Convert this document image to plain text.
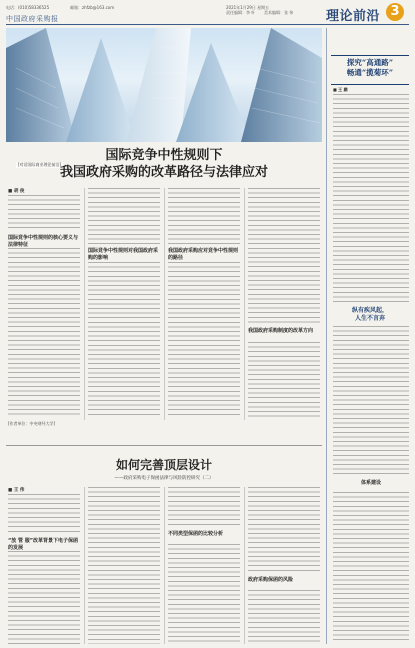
电话：(010)58336525	邮箱：zhfzb@163.com	2021年1月29日 星期五
责任编辑：李 叶 美术编辑：张 伟
中国政府采购报	理论前沿 3
[对话国际商业理论前沿]
国际竞争中性规则下
我国政府采购的改革路径与法律应对
■ 胡 俊
国际竞争中性规则的核心要义与法律特征
国际竞争中性规则对我国政府采购的影响
我国政府采购应对竞争中性规则的路径
我国政府采购制度的改革方向
[作者单位：中央财经大学]
如何完善顶层设计
——政府采购电子保函法律与风险防控研究（二）
■ 王 伟
“放 管 服”改革背景下电子保函的发展
不同类型保函的比较分析
政府采购保函的风险
探究“高通路”
畅通“揽菊环”
■ 王 鹏
纵有疾风起，
人生不言弃
体系建设
